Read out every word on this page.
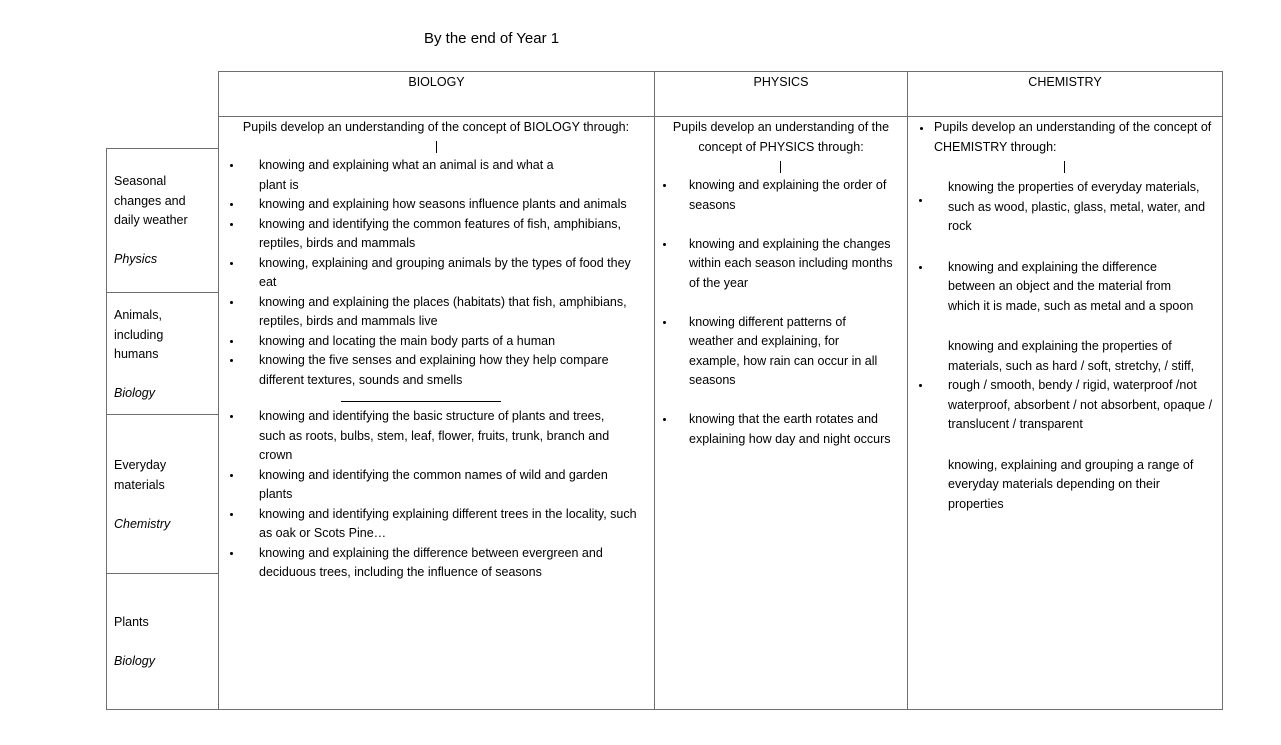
By the end of Year 1
BIOLOGY	PHYSICS	CHEMISTRY
Seasonal
changes and
daily weather
Physics
Animals,
including
humans
Biology
Everyday
materials
Chemistry
Plants
Biology
Pupils develop an understanding of the concept of BIOLOGY through:
knowing and explaining what an animal is and what a plant is
knowing and explaining how seasons influence plants and animals
knowing and identifying the common features of fish, amphibians, reptiles, birds and mammals
knowing, explaining and grouping animals by the types of food they eat
knowing and explaining the places (habitats) that fish, amphibians, reptiles, birds and mammals live
knowing and locating the main body parts of a human
knowing the five senses and explaining how they help compare different textures, sounds and smells
knowing and identifying the basic structure of plants and trees, such as roots, bulbs, stem, leaf, flower, fruits, trunk, branch and crown
knowing and identifying the common names of wild and garden plants
knowing and identifying explaining different trees in the locality, such as oak or Scots Pine…
knowing and explaining the difference between evergreen and deciduous trees, including the influence of seasons
Pupils develop an understanding of the concept of PHYSICS through:
knowing and explaining the order of seasons
knowing and explaining the changes within each season including months of the year
knowing different patterns of weather and explaining, for example, how rain can occur in all seasons
knowing that the earth rotates and explaining how day and night occurs
Pupils develop an understanding of the concept of CHEMISTRY through:
knowing the properties of everyday materials, such as wood, plastic, glass, metal, water, and rock
knowing and explaining the difference between an object and the material from which it is made, such as metal and a spoon
knowing and explaining the properties of materials, such as hard / soft, stretchy, / stiff, rough / smooth, bendy / rigid, waterproof /not waterproof, absorbent / not absorbent, opaque / translucent / transparent
knowing, explaining and grouping a range of everyday materials depending on their properties
